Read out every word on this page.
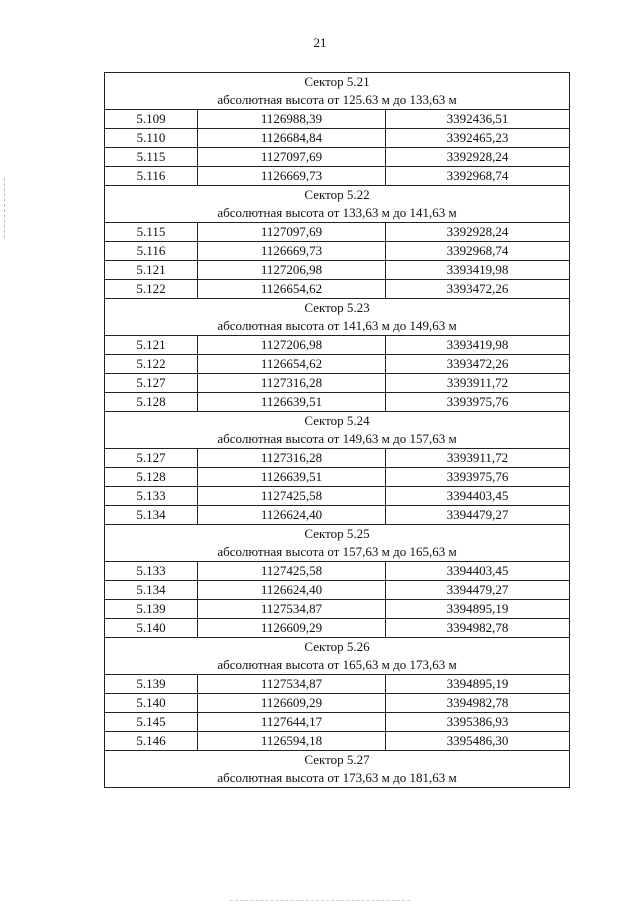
21
Сектор 5.21
абсолютная высота от 125.63 м до 133,63 м		

5.109	1126988,39	3392436,51
5.110	1126684,84	3392465,23
5.115	1127097,69	3392928,24
5.116	1126669,73	3392968,74

Сектор 5.22
абсолютная высота от 133,63 м до 141,63 м		

5.115	1127097,69	3392928,24
5.116	1126669,73	3392968,74
5.121	1127206,98	3393419,98
5.122	1126654,62	3393472,26

Сектор 5.23
абсолютная высота от 141,63 м до 149,63 м		

5.121	1127206,98	3393419,98
5.122	1126654,62	3393472,26
5.127	1127316,28	3393911,72
5.128	1126639,51	3393975,76

Сектор 5.24
абсолютная высота от 149,63 м до 157,63 м		

5.127	1127316,28	3393911,72
5.128	1126639,51	3393975,76
5.133	1127425,58	3394403,45
5.134	1126624,40	3394479,27

Сектор 5.25
абсолютная высота от 157,63 м до 165,63 м		

5.133	1127425,58	3394403,45
5.134	1126624,40	3394479,27
5.139	1127534,87	3394895,19
5.140	1126609,29	3394982,78

Сектор 5.26
абсолютная высота от 165,63 м до 173,63 м		

5.139	1127534,87	3394895,19
5.140	1126609,29	3394982,78
5.145	1127644,17	3395386,93
5.146	1126594,18	3395486,30

Сектор 5.27
абсолютная высота от 173,63 м до 181,63 м		
